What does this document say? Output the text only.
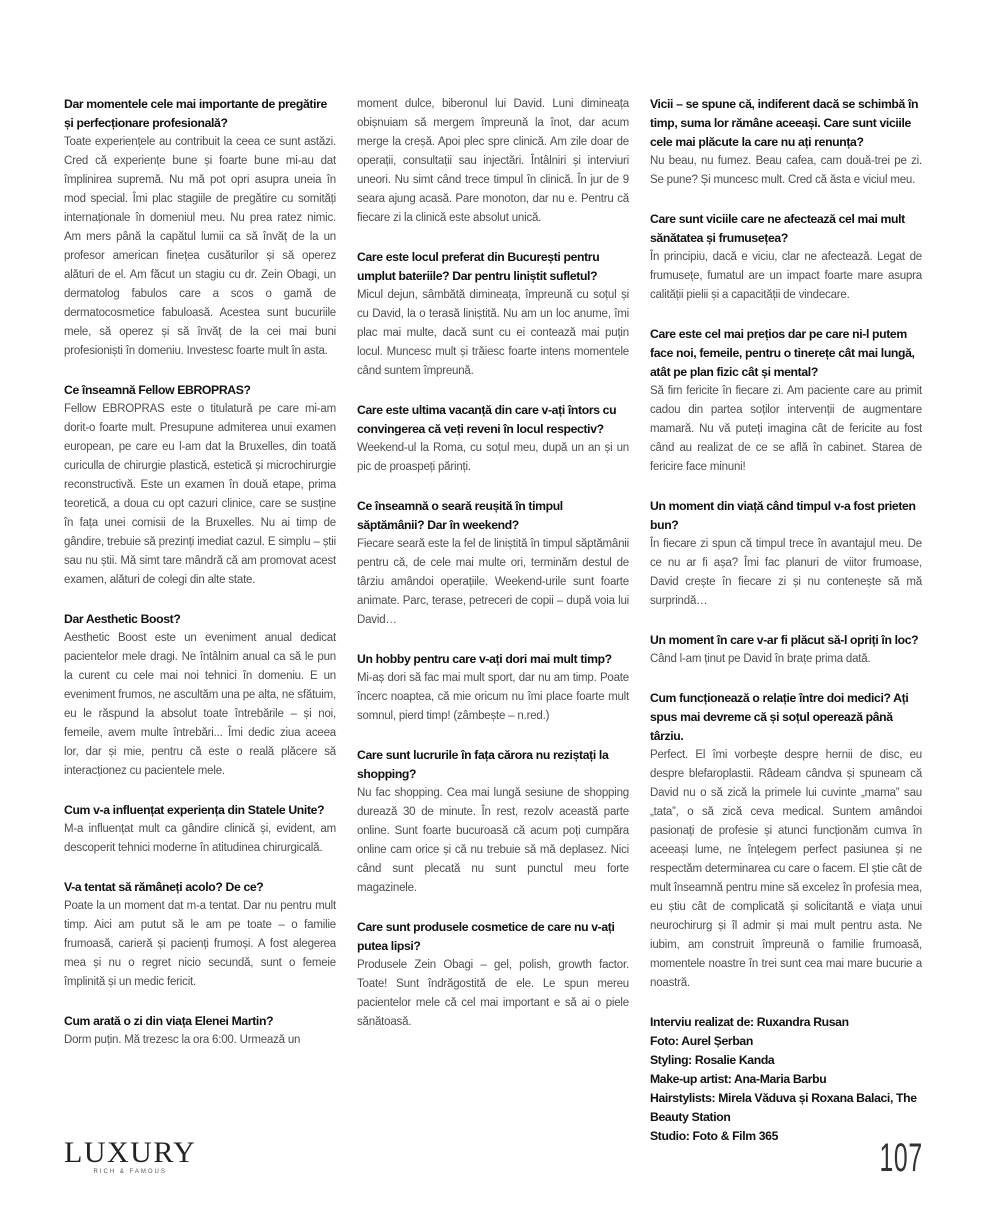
Dar momentele cele mai importante de pregătire și perfecționare profesională?

Toate experiențele au contribuit la ceea ce sunt astăzi. Cred că experiențe bune și foarte bune mi-au dat împlinirea supremă. Nu mă pot opri asupra uneia în mod special. Îmi plac stagiile de pregătire cu somități internaționale în domeniul meu. Nu prea ratez nimic. Am mers până la capătul lumii ca să învăț de la un profesor american finețea cusăturilor și să operez alături de el. Am făcut un stagiu cu dr. Zein Obagi, un dermatolog fabulos care a scos o gamă de dermatocosmetice fabuloasă. Acestea sunt bucuriile mele, să operez și să învăț de la cei mai buni profesioniști în domeniu. Investesc foarte mult în asta.

Ce înseamnă Fellow EBROPRAS?

Fellow EBROPRAS este o titulatură pe care mi-am dorit-o foarte mult. Presupune admiterea unui examen european, pe care eu l-am dat la Bruxelles, din toată curiculla de chirurgie plastică, estetică și microchirurgie reconstructivă. Este un examen în două etape, prima teoretică, a doua cu opt cazuri clinice, care se susține în fața unei comisii de la Bruxelles. Nu ai timp de gândire, trebuie să prezinți imediat cazul. E simplu – știi sau nu știi. Mă simt tare mândră că am promovat acest examen, alături de colegi din alte state.

Dar Aesthetic Boost?

Aesthetic Boost este un eveniment anual dedicat pacientelor mele dragi. Ne întâlnim anual ca să le pun la curent cu cele mai noi tehnici în domeniu. E un eveniment frumos, ne ascultăm una pe alta, ne sfătuim, eu le răspund la absolut toate întrebările – și noi, femeile, avem multe întrebări... Îmi dedic ziua aceea lor, dar și mie, pentru că este o reală plăcere să interacționez cu pacientele mele.

Cum v-a influențat experiența din Statele Unite?

M-a influențat mult ca gândire clinică și, evident, am descoperit tehnici moderne în atitudinea chirurgicală.

V-a tentat să rămâneți acolo? De ce?

Poate la un moment dat m-a tentat. Dar nu pentru mult timp. Aici am putut să le am pe toate – o familie frumoasă, carieră și pacienți frumoși. A fost alegerea mea și nu o regret nicio secundă, sunt o femeie împlinită și un medic fericit.

Cum arată o zi din viața Elenei Martin?

Dorm puțin. Mă trezesc la ora 6:00. Urmează un

moment dulce, biberonul lui David. Luni dimineața obișnuiam să mergem împreună la înot, dar acum merge la creșă. Apoi plec spre clinică. Am zile doar de operații, consultații sau injectări. Întâlniri și interviuri uneori. Nu simt când trece timpul în clinică. În jur de 9 seara ajung acasă. Pare monoton, dar nu e. Pentru că fiecare zi la clinică este absolut unică.

Care este locul preferat din București pentru umplut bateriile? Dar pentru liniștit sufletul?

Micul dejun, sâmbătă dimineața, împreună cu soțul și cu David, la o terasă liniștită. Nu am un loc anume, îmi plac mai multe, dacă sunt cu ei contează mai puțin locul. Muncesc mult și trăiesc foarte intens momentele când suntem împreună.

Care este ultima vacanță din care v-ați întors cu convingerea că veți reveni în locul respectiv?

Weekend-ul la Roma, cu soțul meu, după un an și un pic de proaspeți părinți.

Ce înseamnă o seară reușită în timpul săptămânii? Dar în weekend?

Fiecare seară este la fel de liniștită în timpul săptămânii pentru că, de cele mai multe ori, terminăm destul de târziu amândoi operațiile. Weekend-urile sunt foarte animate. Parc, terase, petreceri de copii – după voia lui David…

Un hobby pentru care v-ați dori mai mult timp?

Mi-aș dori să fac mai mult sport, dar nu am timp. Poate încerc noaptea, că mie oricum nu îmi place foarte mult somnul, pierd timp! (zâmbește – n.red.)

Care sunt lucrurile în fața cărora nu reziștați la shopping?

Nu fac shopping. Cea mai lungă sesiune de shopping durează 30 de minute. În rest, rezolv această parte online. Sunt foarte bucuroasă că acum poți cumpăra online cam orice și că nu trebuie să mă deplasez. Nici când sunt plecată nu sunt punctul meu forte magazinele.

Care sunt produsele cosmetice de care nu v-ați putea lipsi?

Produsele Zein Obagi – gel, polish, growth factor. Toate! Sunt îndrăgostită de ele. Le spun mereu pacientelor mele că cel mai important e să ai o piele sănătoasă.

Vicii – se spune că, indiferent dacă se schimbă în timp, suma lor rămâne aceeași. Care sunt viciile cele mai plăcute la care nu ați renunța?

Nu beau, nu fumez. Beau cafea, cam două-trei pe zi. Se pune? Și muncesc mult. Cred că ăsta e viciul meu.

Care sunt viciile care ne afectează cel mai mult sănătatea și frumusețea?

În principiu, dacă e viciu, clar ne afectează. Legat de frumusețe, fumatul are un impact foarte mare asupra calității pielii și a capacității de vindecare.

Care este cel mai prețios dar pe care ni-l putem face noi, femeile, pentru o tinerețe cât mai lungă, atât pe plan fizic cât și mental?

Să fim fericite în fiecare zi. Am paciente care au primit cadou din partea soților intervenții de augmentare mamară. Nu vă puteți imagina cât de fericite au fost când au realizat de ce se află în cabinet. Starea de fericire face minuni!

Un moment din viață când timpul v-a fost prieten bun?

În fiecare zi spun că timpul trece în avantajul meu. De ce nu ar fi așa? Îmi fac planuri de viitor frumoase, David crește în fiecare zi și nu contenește să mă surprindă…

Un moment în care v-ar fi plăcut să-l opriți în loc?

Când l-am ținut pe David în brațe prima dată.

Cum funcționează o relație între doi medici? Ați spus mai devreme că și soțul operează până târziu.

Perfect. El îmi vorbește despre hernii de disc, eu despre blefaroplastii. Râdeam cândva și spuneam că David nu o să zică la primele lui cuvinte „mama” sau „tata”, o să zică ceva medical. Suntem amândoi pasionați de profesie și atunci funcționăm cumva în aceeași lume, ne înțelegem perfect pasiunea și ne respectăm determinarea cu care o facem. El știe cât de mult înseamnă pentru mine să excelez în profesia mea, eu știu cât de complicată și solicitantă e viața unui neurochirurg și îl admir și mai mult pentru asta. Ne iubim, am construit împreună o familie frumoasă, momentele noastre în trei sunt cea mai mare bucurie a noastră.

Interviu realizat de: Ruxandra Rusan

Foto: Aurel Șerban

Styling: Rosalie Kanda

Make-up artist: Ana-Maria Barbu

Hairstylists: Mirela Văduva și Roxana Balaci, The Beauty Station

Studio: Foto & Film 365

LUXURY
RICH & FAMOUS	107
